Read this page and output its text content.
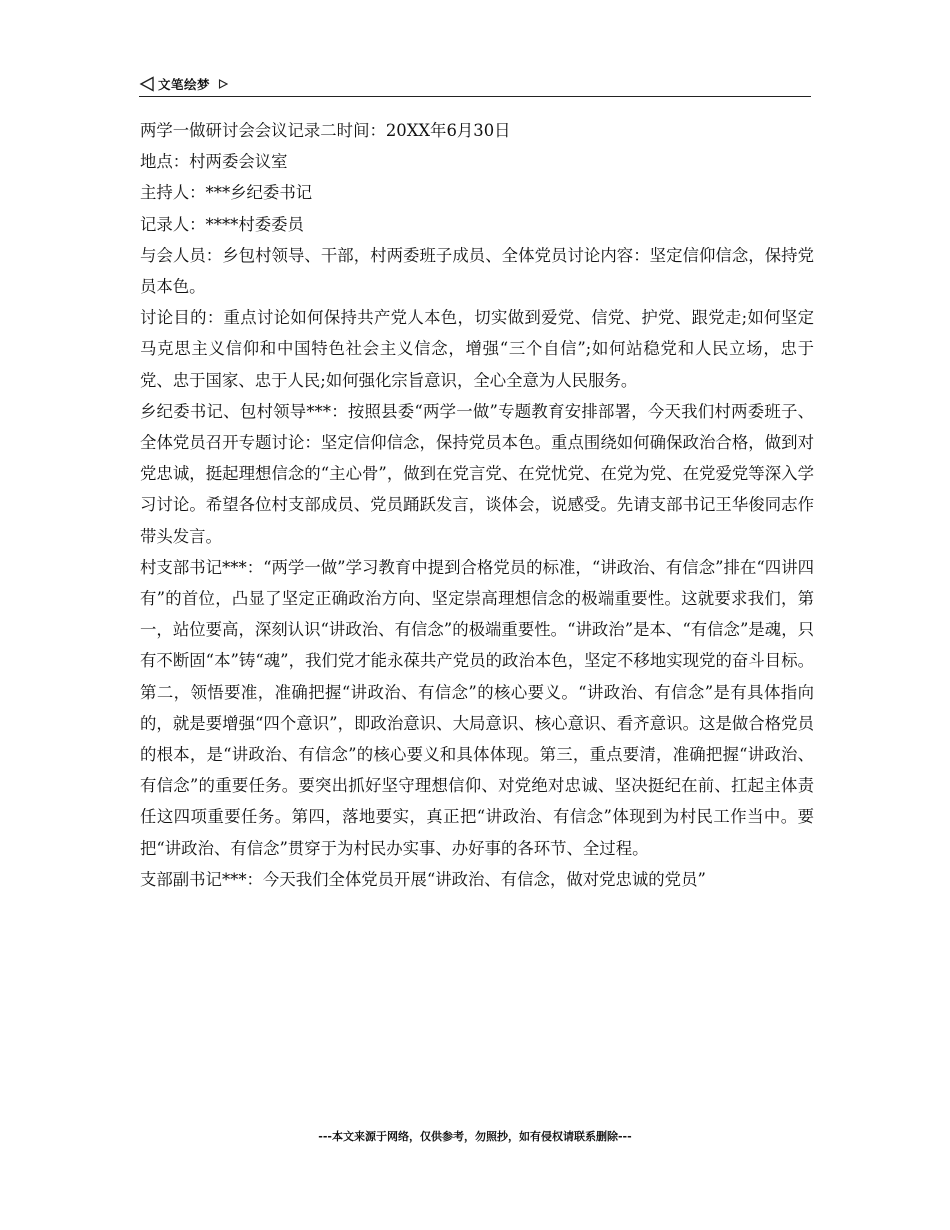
文笔绘梦

两学一做研讨会会议记录二时间：20XX年6月30日

地点：村两委会议室

主持人：***乡纪委书记

记录人：****村委委员

与会人员：乡包村领导、干部，村两委班子成员、全体党员讨论内容：坚定信仰信念，保持党员本色。

讨论目的：重点讨论如何保持共产党人本色，切实做到爱党、信党、护党、跟党走;如何坚定马克思主义信仰和中国特色社会主义信念，增强“三个自信”;如何站稳党和人民立场，忠于党、忠于国家、忠于人民;如何强化宗旨意识，全心全意为人民服务。

乡纪委书记、包村领导***：按照县委“两学一做”专题教育安排部署，今天我们村两委班子、全体党员召开专题讨论：坚定信仰信念，保持党员本色。重点围绕如何确保政治合格，做到对党忠诚，挺起理想信念的“主心骨”，做到在党言党、在党忧党、在党为党、在党爱党等深入学习讨论。希望各位村支部成员、党员踊跃发言，谈体会，说感受。先请支部书记王华俊同志作带头发言。

村支部书记***：“两学一做”学习教育中提到合格党员的标准，“讲政治、有信念”排在“四讲四有”的首位，凸显了坚定正确政治方向、坚定崇高理想信念的极端重要性。这就要求我们，第一，站位要高，深刻认识“讲政治、有信念”的极端重要性。“讲政治”是本、“有信念”是魂，只有不断固“本”铸“魂”，我们党才能永葆共产党员的政治本色，坚定不移地实现党的奋斗目标。第二，领悟要准，准确把握“讲政治、有信念”的核心要义。“讲政治、有信念”是有具体指向的，就是要增强“四个意识”，即政治意识、大局意识、核心意识、看齐意识。这是做合格党员的根本，是“讲政治、有信念”的核心要义和具体体现。第三，重点要清，准确把握“讲政治、有信念”的重要任务。要突出抓好坚守理想信仰、对党绝对忠诚、坚决挺纪在前、扛起主体责任这四项重要任务。第四，落地要实，真正把“讲政治、有信念”体现到为村民工作当中。要把“讲政治、有信念”贯穿于为村民办实事、办好事的各环节、全过程。

支部副书记***：今天我们全体党员开展“讲政治、有信念，做对党忠诚的党员”

---本文来源于网络，仅供参考，勿照抄，如有侵权请联系删除---
